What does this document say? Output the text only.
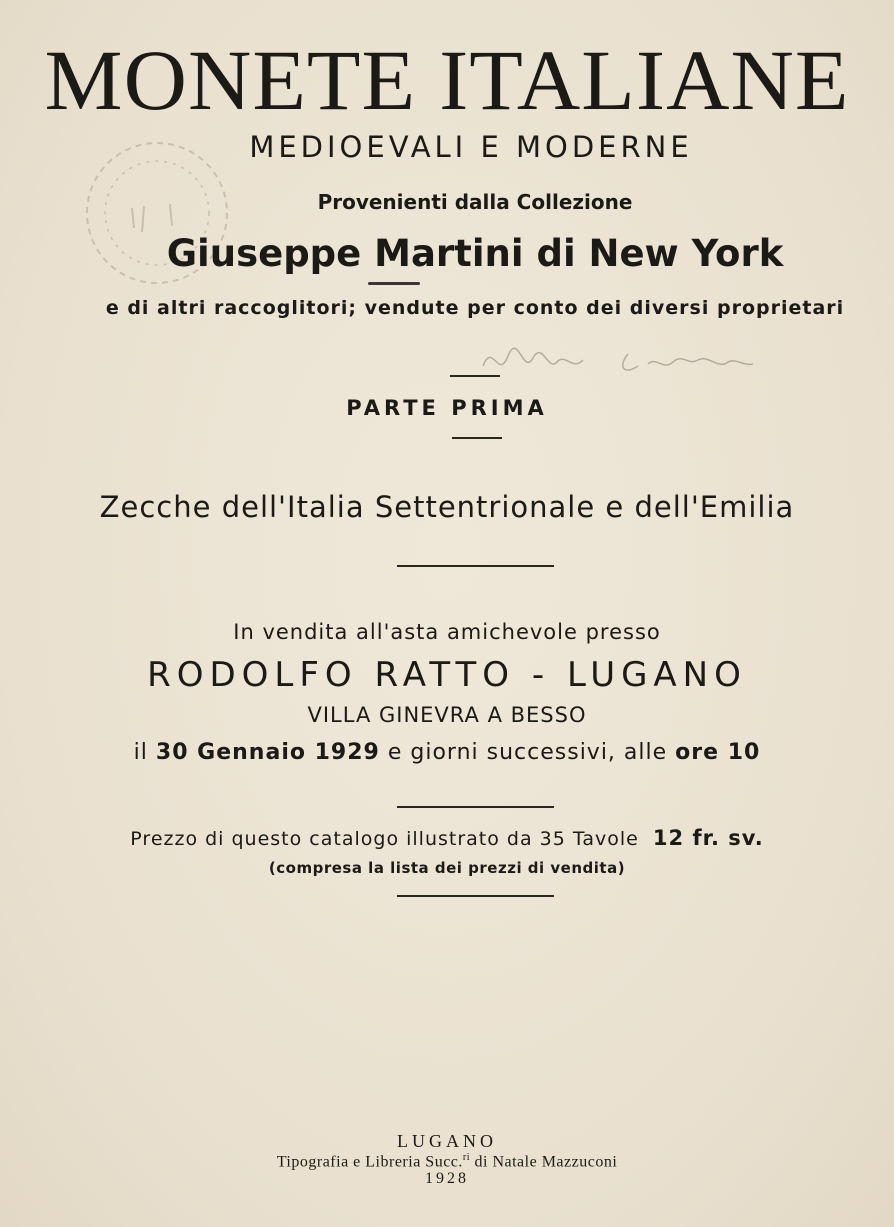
MONETE ITALIANE
MEDIOEVALI E MODERNE
Provenienti dalla Collezione
Giuseppe Martini di New York
e di altri raccoglitori; vendute per conto dei diversi proprietari
PARTE PRIMA
Zecche dell'Italia Settentrionale e dell'Emilia
In vendita all'asta amichevole presso
RODOLFO RATTO - LUGANO
VILLA GINEVRA A BESSO
il 30 Gennaio 1929 e giorni successivi, alle ore 10
Prezzo di questo catalogo illustrato da 35 Tavole 12 fr. sv.
(compresa la lista dei prezzi di vendita)
LUGANO
Tipografia e Libreria Succ.$^{ri}$ di Natale Mazzuconi
1928
